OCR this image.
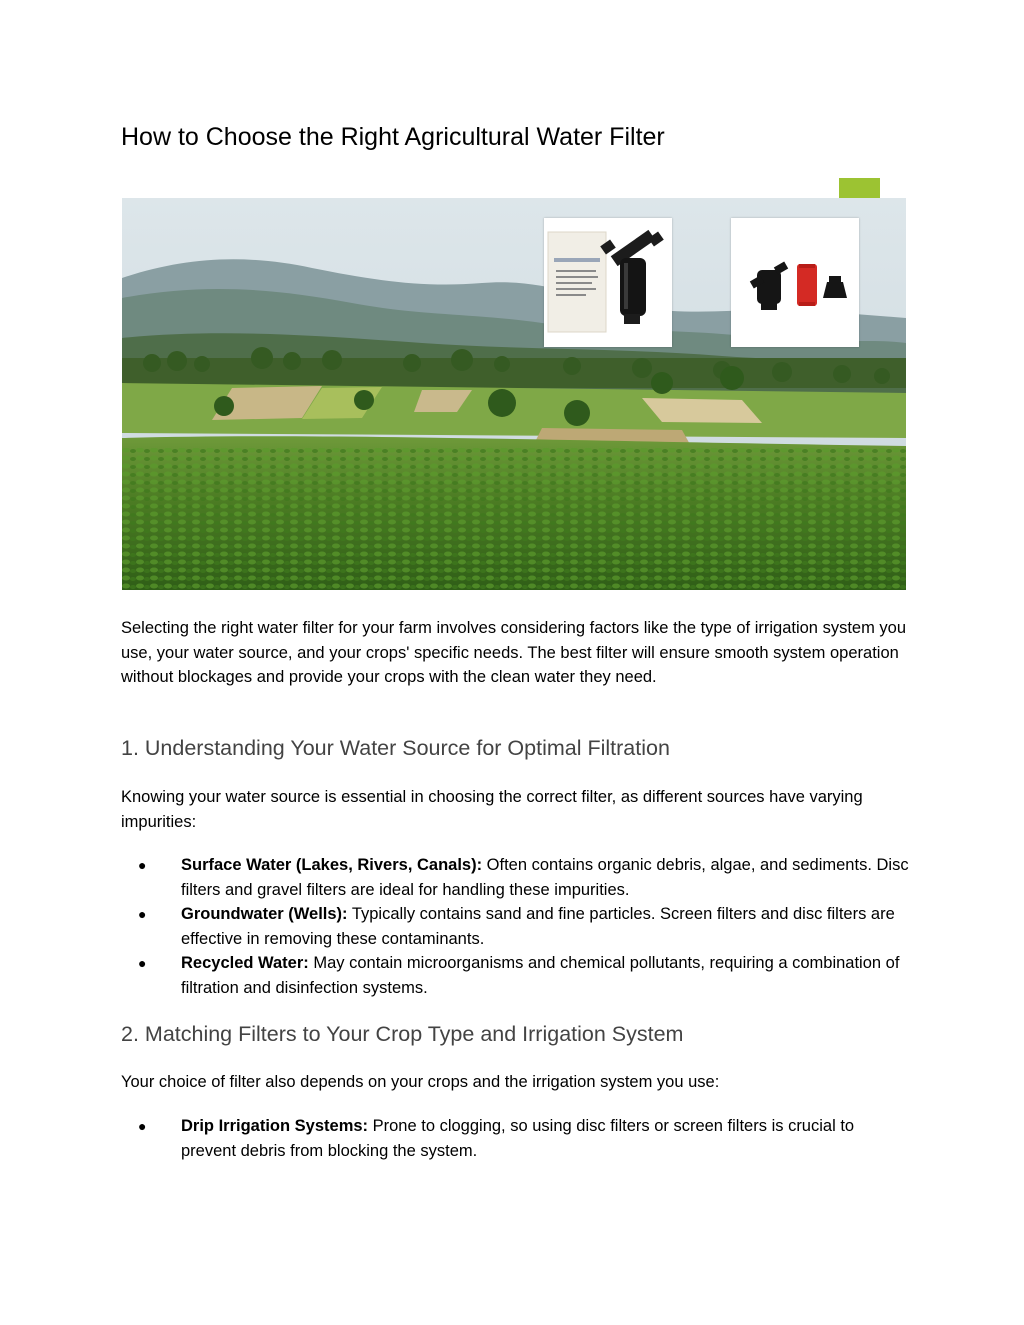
How to Choose the Right Agricultural Water Filter

Selecting the right water filter for your farm involves considering factors like the type of irrigation system you use, your water source, and your crops' specific needs. The best filter will ensure smooth system operation without blockages and provide your crops with the clean water they need.

1. Understanding Your Water Source for Optimal Filtration

Knowing your water source is essential in choosing the correct filter, as different sources have varying impurities:

● Surface Water (Lakes, Rivers, Canals): Often contains organic debris, algae, and sediments. Disc filters and gravel filters are ideal for handling these impurities.
● Groundwater (Wells): Typically contains sand and fine particles. Screen filters and disc filters are effective in removing these contaminants.
● Recycled Water: May contain microorganisms and chemical pollutants, requiring a combination of filtration and disinfection systems.
2. Matching Filters to Your Crop Type and Irrigation System

Your choice of filter also depends on your crops and the irrigation system you use:

● Drip Irrigation Systems: Prone to clogging, so using disc filters or screen filters is crucial to prevent debris from blocking the system.
